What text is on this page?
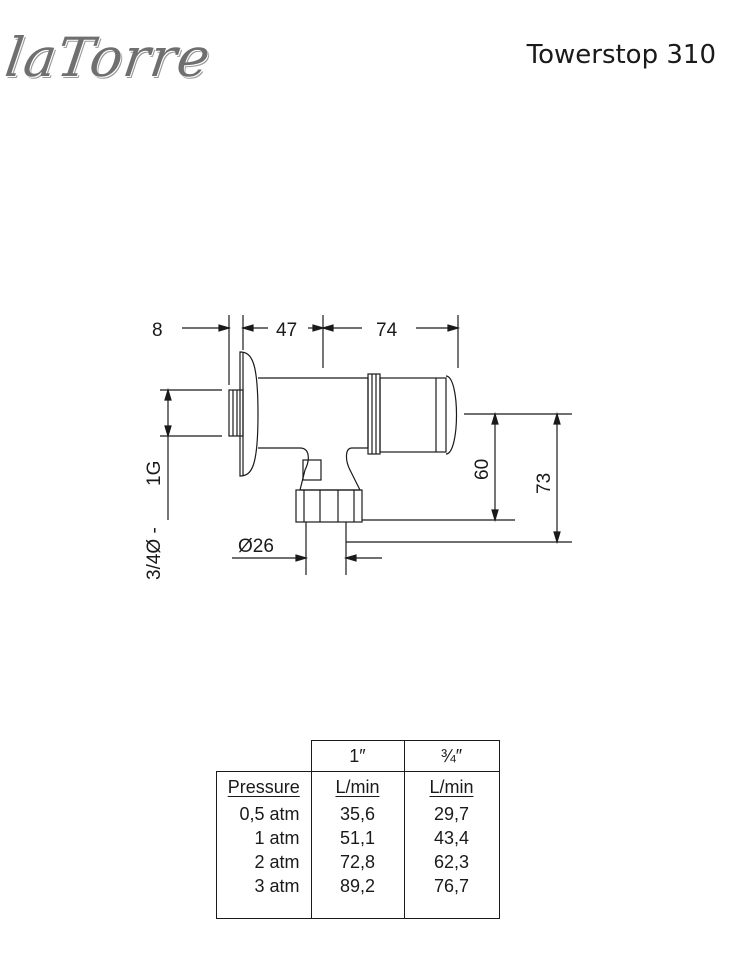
laTorre	Towerstop 310
8	47	74
60
73
1G
3/4Ø -	Ø26
	1″	¾″
Pressure	L/min	L/min
0,5 atm	35,6	29,7
1 atm	51,1	43,4
2 atm	72,8	62,3
3 atm	89,2	76,7
